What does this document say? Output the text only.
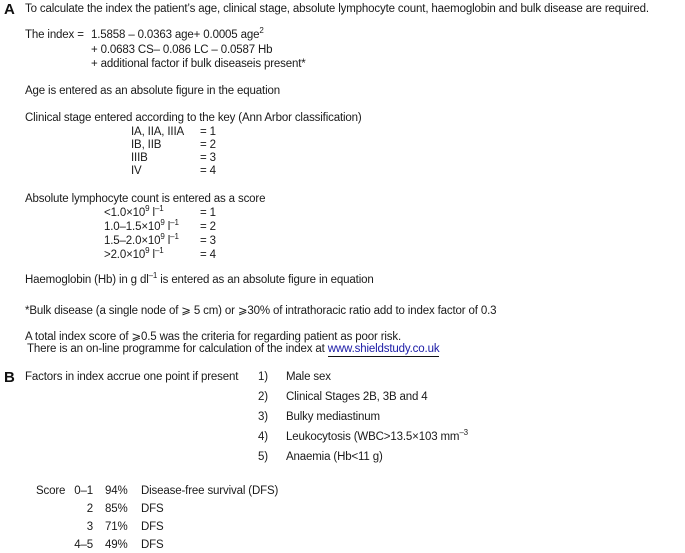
A To calculate the index the patient’s age, clinical stage, absolute lymphocyte count, haemoglobin and bulk disease are required.
The index = 1.5858 – 0.0363 age+ 0.0005 age$^2$
+ 0.0683 CS– 0.086 LC – 0.0587 Hb
+ additional factor if bulk diseaseis present*
Age is entered as an absolute figure in the equation
Clinical stage entered according to the key (Ann Arbor classification)
IA, IIA, IIIA = 1
IB, IIB	= 2
IIIB	= 3
IV	= 4
Absolute lymphocyte count is entered as a score
$<1.0\times 10^9$ $l^{-1}$	= 1
$1.0-1.5\times 10^9$ $l^{-1} = 2$
$1.5-2.0\times 10^9$ $l^{-1} = 3$
$>2.0\times 10^9$ $l^{-1}$	= 4
Haemoglobin (Hb) in g $dl^{-1}$ is entered as an absolute figure in equation
*Bulk disease (a single node of ⩾ 5 cm) or ⩾30% of intrathoracic ratio add to index factor of 0.3
A total index score of ⩾0.5 was the criteria for regarding patient as poor risk.
There is an on-line programme for calculation of the index at www.shieldstudy.co.uk
B Factors in index accrue one point if present 1) Male sex
2) Clinical Stages 2B, 3B and 4
3) Bulky mediastinum
4) Leukocytosis (WBC>13.5×103 $mm^{-3}$
5) Anaemia (Hb<11 g)
Score 0–1 94% Disease-free survival (DFS)
2 85% DFS
3 71% DFS
4–5 49% DFS
